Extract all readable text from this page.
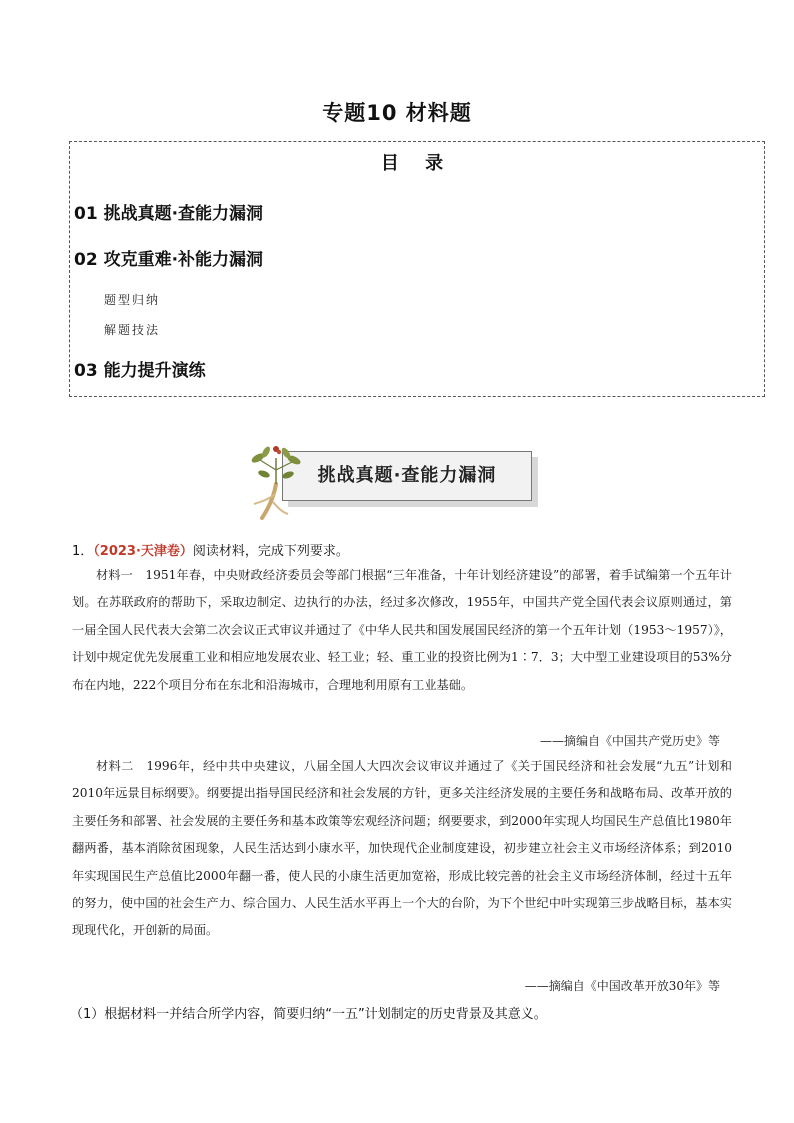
专题10 材料题
目 录
01 挑战真题·查能力漏洞
02 攻克重难·补能力漏洞
题型归纳
解题技法
03 能力提升演练
挑战真题·查能力漏洞
1．（2023·天津卷）阅读材料，完成下列要求。

材料一　1951年春，中央财政经济委员会等部门根据“三年准备，十年计划经济建设”的部署，着手试编第一个五年计划。在苏联政府的帮助下，采取边制定、边执行的办法，经过多次修改，1955年，中国共产党全国代表会议原则通过，第一届全国人民代表大会第二次会议正式审议并通过了《中华人民共和国发展国民经济的第一个五年计划（1953～1957）》，计划中规定优先发展重工业和相应地发展农业、轻工业；轻、重工业的投资比例为1∶7．3；大中型工业建设项目的53%分布在内地，222个项目分布在东北和沿海城市，合理地利用原有工业基础。

——摘编自《中国共产党历史》等

材料二　1996年，经中共中央建议，八届全国人大四次会议审议并通过了《关于国民经济和社会发展“九五”计划和2010年远景目标纲要》。纲要提出指导国民经济和社会发展的方针，更多关注经济发展的主要任务和战略布局、改革开放的主要任务和部署、社会发展的主要任务和基本政策等宏观经济问题；纲要要求，到2000年实现人均国民生产总值比1980年翻两番，基本消除贫困现象，人民生活达到小康水平，加快现代企业制度建设，初步建立社会主义市场经济体系；到2010年实现国民生产总值比2000年翻一番，使人民的小康生活更加宽裕，形成比较完善的社会主义市场经济体制，经过十五年的努力，使中国的社会生产力、综合国力、人民生活水平再上一个大的台阶，为下个世纪中叶实现第三步战略目标，基本实现现代化，开创新的局面。

——摘编自《中国改革开放30年》等
（1）根据材料一并结合所学内容，简要归纳“一五”计划制定的历史背景及其意义。
